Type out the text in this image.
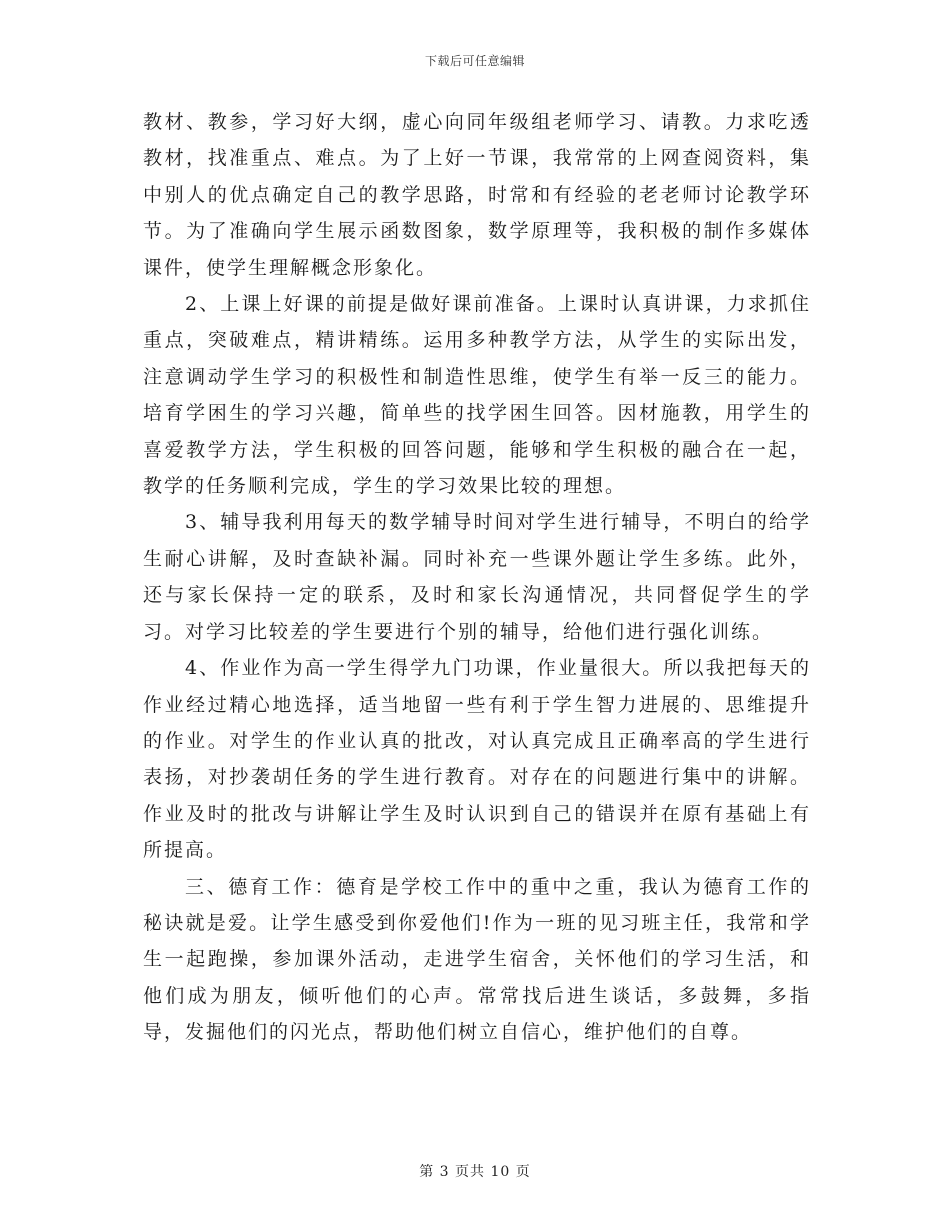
下载后可任意编辑

教材、教参，学习好大纲，虚心向同年级组老师学习、请教。力求吃透教材，找准重点、难点。为了上好一节课，我常常的上网查阅资料，集中别人的优点确定自己的教学思路，时常和有经验的老老师讨论教学环节。为了准确向学生展示函数图象，数学原理等，我积极的制作多媒体课件，使学生理解概念形象化。

2、上课上好课的前提是做好课前准备。上课时认真讲课，力求抓住重点，突破难点，精讲精练。运用多种教学方法，从学生的实际出发，注意调动学生学习的积极性和制造性思维，使学生有举一反三的能力。培育学困生的学习兴趣，简单些的找学困生回答。因材施教，用学生的喜爱教学方法，学生积极的回答问题，能够和学生积极的融合在一起，教学的任务顺利完成，学生的学习效果比较的理想。

3、辅导我利用每天的数学辅导时间对学生进行辅导，不明白的给学生耐心讲解，及时查缺补漏。同时补充一些课外题让学生多练。此外，还与家长保持一定的联系，及时和家长沟通情况，共同督促学生的学习。对学习比较差的学生要进行个别的辅导，给他们进行强化训练。

4、作业作为高一学生得学九门功课，作业量很大。所以我把每天的作业经过精心地选择，适当地留一些有利于学生智力进展的、思维提升的作业。对学生的作业认真的批改，对认真完成且正确率高的学生进行表扬，对抄袭胡任务的学生进行教育。对存在的问题进行集中的讲解。作业及时的批改与讲解让学生及时认识到自己的错误并在原有基础上有所提高。

三、德育工作：德育是学校工作中的重中之重，我认为德育工作的秘诀就是爱。让学生感受到你爱他们!作为一班的见习班主任，我常和学生一起跑操，参加课外活动，走进学生宿舍，关怀他们的学习生活，和他们成为朋友，倾听他们的心声。常常找后进生谈话，多鼓舞，多指导，发掘他们的闪光点，帮助他们树立自信心，维护他们的自尊。

第 3 页共 10 页
